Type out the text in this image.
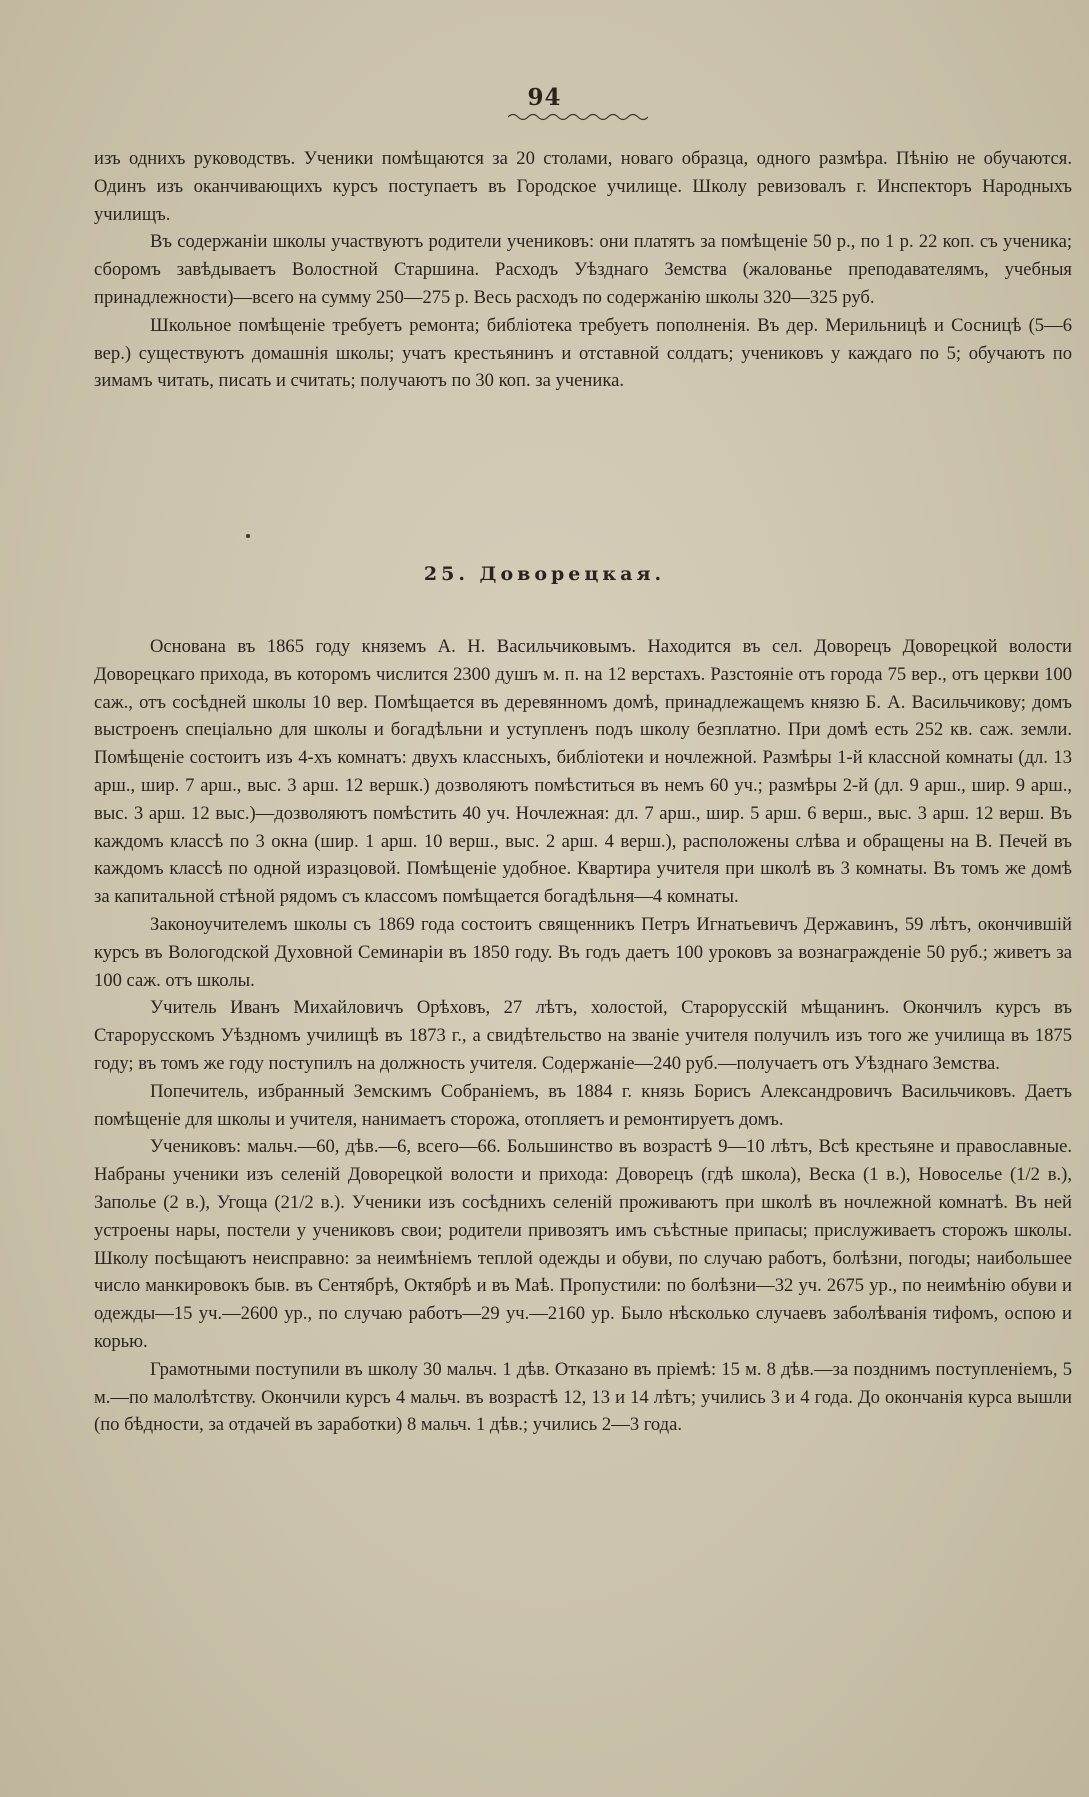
94

изъ однихъ руководствъ. Ученики помѣщаются за 20 столами, новаго образца, одного размѣра. Пѣнію не обучаются. Одинъ изъ оканчивающихъ курсъ поступаетъ въ Городское училище. Школу ревизовалъ г. Инспекторъ Народныхъ училищъ.

Въ содержаніи школы участвуютъ родители учениковъ: они платятъ за помѣщеніе 50 р., по 1 р. 22 коп. съ ученика; сборомъ завѣдываетъ Волостной Старшина. Расходъ Уѣзднаго Земства (жалованье преподавателямъ, учебныя принадлежности)—всего на сумму 250—275 р. Весь расходъ по содержанію школы 320—325 руб.

Школьное помѣщеніе требуетъ ремонта; библіотека требуетъ пополненія. Въ дер. Мерильницѣ и Сосницѣ (5—6 вер.) существуютъ домашнія школы; учатъ крестьянинъ и отставной солдатъ; учениковъ у каждаго по 5; обучаютъ по зимамъ читать, писать и считать; получаютъ по 30 коп. за ученика.

25. Доворецкая.

Основана въ 1865 году княземъ А. Н. Васильчиковымъ. Находится въ сел. Доворецъ Доворецкой волости Доворецкаго прихода, въ которомъ числится 2300 душъ м. п. на 12 верстахъ. Разстояніе отъ города 75 вер., отъ церкви 100 саж., отъ сосѣдней школы 10 вер. Помѣщается въ деревянномъ домѣ, принадлежащемъ князю Б. А. Васильчикову; домъ выстроенъ спеціально для школы и богадѣльни и уступленъ подъ школу безплатно. При домѣ есть 252 кв. саж. земли. Помѣщеніе состоитъ изъ 4-хъ комнатъ: двухъ классныхъ, библіотеки и ночлежной. Размѣры 1-й классной комнаты (дл. 13 арш., шир. 7 арш., выс. 3 арш. 12 вершк.) дозволяютъ помѣститься въ немъ 60 уч.; размѣры 2-й (дл. 9 арш., шир. 9 арш., выс. 3 арш. 12 выс.)—дозволяютъ помѣстить 40 уч. Ночлежная: дл. 7 арш., шир. 5 арш. 6 верш., выс. 3 арш. 12 верш. Въ каждомъ классѣ по 3 окна (шир. 1 арш. 10 верш., выс. 2 арш. 4 верш.), расположены слѣва и обращены на В. Печей въ каждомъ классѣ по одной изразцовой. Помѣщеніе удобное. Квартира учителя при школѣ въ 3 комнаты. Въ томъ же домѣ за капитальной стѣной рядомъ съ классомъ помѣщается богадѣльня—4 комнаты.

Законоучителемъ школы съ 1869 года состоитъ священникъ Петръ Игнатьевичъ Державинъ, 59 лѣтъ, окончившій курсъ въ Вологодской Духовной Семинаріи въ 1850 году. Въ годъ даетъ 100 уроковъ за вознагражденіе 50 руб.; живетъ за 100 саж. отъ школы.

Учитель Иванъ Михайловичъ Орѣховъ, 27 лѣтъ, холостой, Старорусскій мѣщанинъ. Окончилъ курсъ въ Старорусскомъ Уѣздномъ училищѣ въ 1873 г., а свидѣтельство на званіе учителя получилъ изъ того же училища въ 1875 году; въ томъ же году поступилъ на должность учителя. Содержаніе—240 руб.—получаетъ отъ Уѣзднаго Земства.

Попечитель, избранный Земскимъ Собраніемъ, въ 1884 г. князь Борисъ Александровичъ Васильчиковъ. Даетъ помѣщеніе для школы и учителя, нанимаетъ сторожа, отопляетъ и ремонтируетъ домъ.

Учениковъ: мальч.—60, дѣв.—6, всего—66. Большинство въ возрастѣ 9—10 лѣтъ, Всѣ крестьяне и православные. Набраны ученики изъ селеній Доворецкой волости и прихода: Доворецъ (гдѣ школа), Веска (1 в.), Новоселье (1/2 в.), Заполье (2 в.), Угоща (21/2 в.). Ученики изъ сосѣднихъ селеній проживаютъ при школѣ въ ночлежной комнатѣ. Въ ней устроены нары, постели у учениковъ свои; родители привозятъ имъ съѣстные припасы; прислуживаетъ сторожъ школы. Школу посѣщаютъ неисправно: за неимѣніемъ теплой одежды и обуви, по случаю работъ, болѣзни, погоды; наибольшее число манкировокъ быв. въ Сентябрѣ, Октябрѣ и въ Маѣ. Пропустили: по болѣзни—32 уч. 2675 ур., по неимѣнію обуви и одежды—15 уч.—2600 ур., по случаю работъ—29 уч.—2160 ур. Было нѣсколько случаевъ заболѣванія тифомъ, оспою и корью.

Грамотными поступили въ школу 30 мальч. 1 дѣв. Отказано въ пріемѣ: 15 м. 8 дѣв.—за позднимъ поступленіемъ, 5 м.—по малолѣтству. Окончили курсъ 4 мальч. въ возрастѣ 12, 13 и 14 лѣтъ; учились 3 и 4 года. До окончанія курса вышли (по бѣдности, за отдачей въ заработки) 8 мальч. 1 дѣв.; учились 2—3 года.
